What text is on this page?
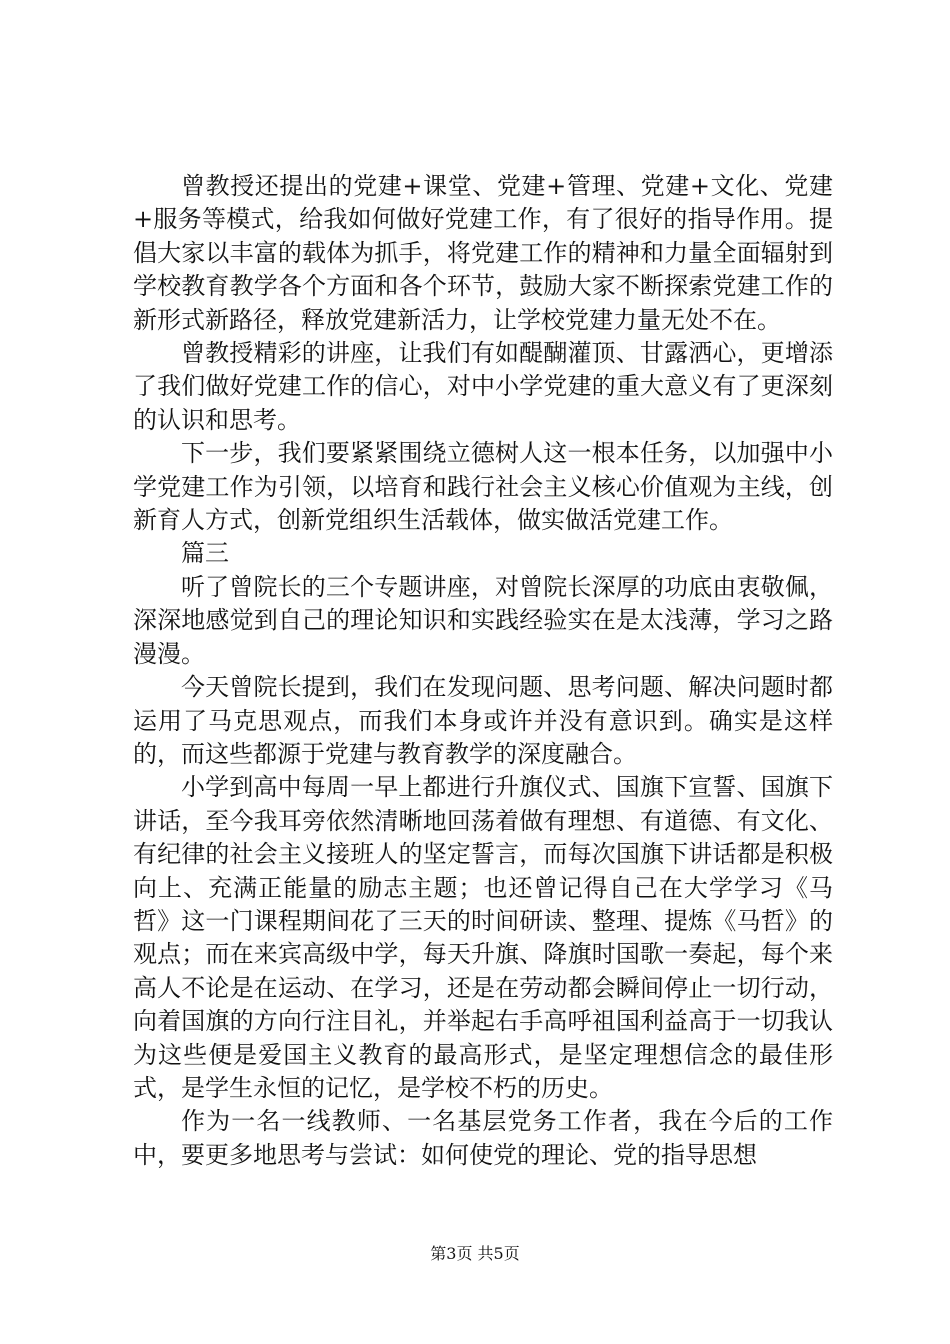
曾教授还提出的党建+课堂、党建+管理、党建+文化、党建+服务等模式，给我如何做好党建工作，有了很好的指导作用。提倡大家以丰富的载体为抓手，将党建工作的精神和力量全面辐射到学校教育教学各个方面和各个环节，鼓励大家不断探索党建工作的新形式新路径，释放党建新活力，让学校党建力量无处不在。

曾教授精彩的讲座，让我们有如醍醐灌顶、甘露洒心，更增添了我们做好党建工作的信心，对中小学党建的重大意义有了更深刻的认识和思考。

下一步，我们要紧紧围绕立德树人这一根本任务，以加强中小学党建工作为引领，以培育和践行社会主义核心价值观为主线，创新育人方式，创新党组织生活载体，做实做活党建工作。

篇三

听了曾院长的三个专题讲座，对曾院长深厚的功底由衷敬佩，深深地感觉到自己的理论知识和实践经验实在是太浅薄，学习之路漫漫。

今天曾院长提到，我们在发现问题、思考问题、解决问题时都运用了马克思观点，而我们本身或许并没有意识到。确实是这样的，而这些都源于党建与教育教学的深度融合。

小学到高中每周一早上都进行升旗仪式、国旗下宣誓、国旗下讲话，至今我耳旁依然清晰地回荡着做有理想、有道德、有文化、有纪律的社会主义接班人的坚定誓言，而每次国旗下讲话都是积极向上、充满正能量的励志主题；也还曾记得自己在大学学习《马哲》这一门课程期间花了三天的时间研读、整理、提炼《马哲》的观点；而在来宾高级中学，每天升旗、降旗时国歌一奏起，每个来高人不论是在运动、在学习，还是在劳动都会瞬间停止一切行动，向着国旗的方向行注目礼，并举起右手高呼祖国利益高于一切我认为这些便是爱国主义教育的最高形式，是坚定理想信念的最佳形式，是学生永恒的记忆，是学校不朽的历史。

作为一名一线教师、一名基层党务工作者，我在今后的工作中，要更多地思考与尝试：如何使党的理论、党的指导思想

第3页 共5页
